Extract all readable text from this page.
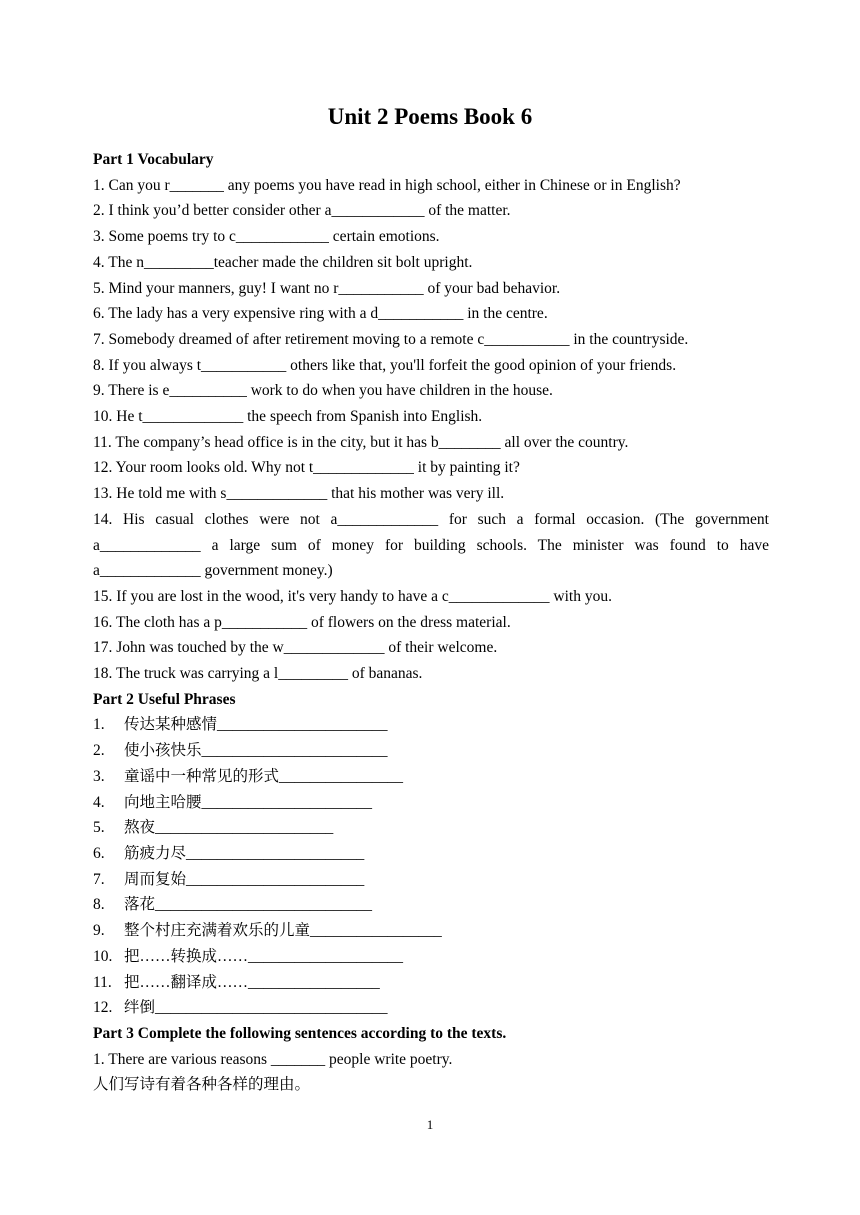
Unit 2 Poems Book 6
Part 1 Vocabulary
1. Can you r_______ any poems you have read in high school, either in Chinese or in English?
2. I think you’d better consider other a____________ of the matter.
3. Some poems try to c____________ certain emotions.
4. The n_________teacher made the children sit bolt upright.
5. Mind your manners, guy! I want no r___________ of your bad behavior.
6. The lady has a very expensive ring with a d___________ in the centre.
7. Somebody dreamed of after retirement moving to a remote c___________ in the countryside.
8. If you always t___________ others like that, you'll forfeit the good opinion of your friends.
9. There is e__________ work to do when you have children in the house.
10. He t_____________ the speech from Spanish into English.
11. The company’s head office is in the city, but it has b________ all over the country.
12. Your room looks old. Why not t_____________ it by painting it?
13. He told me with s_____________ that his mother was very ill.
14. His casual clothes were not a_____________ for such a formal occasion. (The government a_____________ a large sum of money for building schools. The minister was found to have a_____________ government money.)
15. If you are lost in the wood, it's very handy to have a c_____________ with you.
16. The cloth has a p___________ of flowers on the dress material.
17. John was touched by the w_____________ of their welcome.
18. The truck was carrying a l_________ of bananas.
Part 2 Useful Phrases
1. 传达某种感情______________________
2. 使小孩快乐________________________
3. 童谣中一种常见的形式________________
4. 向地主哈腰______________________
5. 熬夜_______________________
6. 筋疲力尽_______________________
7. 周而复始_______________________
8. 落花____________________________
9. 整个村庄充满着欢乐的儿童_________________
10. 把……转换成……____________________
11. 把……翻译成……_________________
12. 绊倒______________________________
Part 3 Complete the following sentences according to the texts.
1. There are various reasons _______ people write poetry.
人们写诗有着各种各样的理由。
1
